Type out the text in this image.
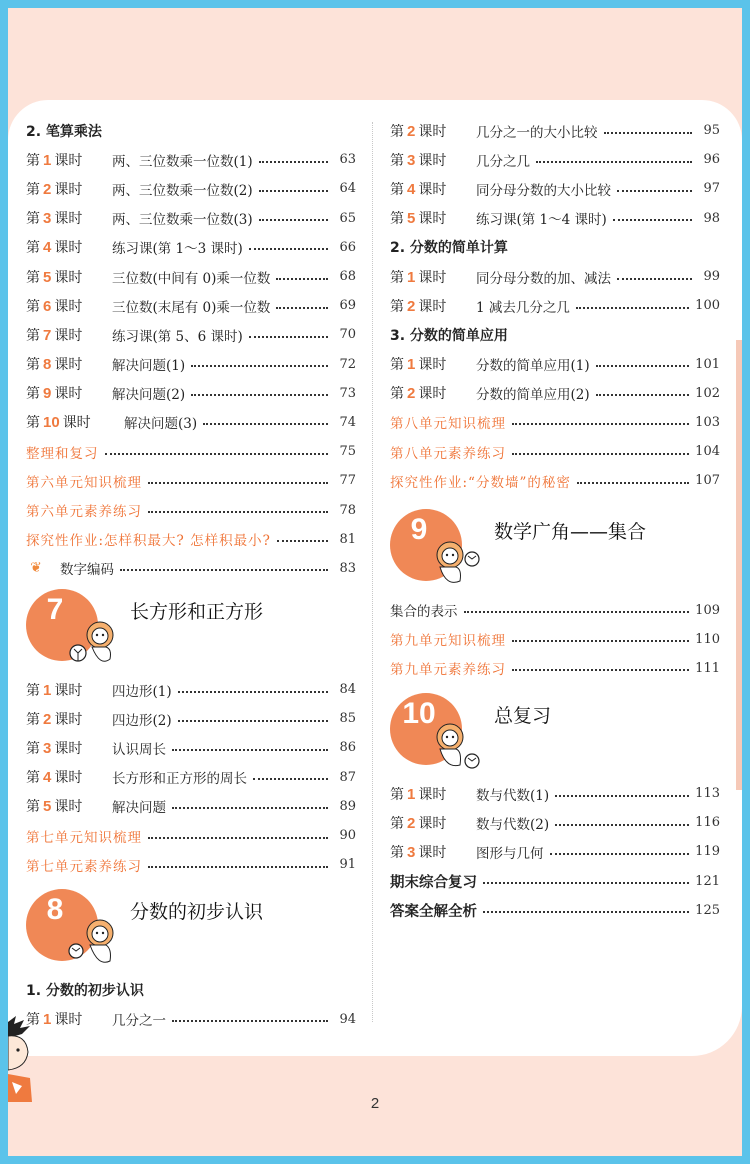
2. 笔算乘法
第 1 课时	两、三位数乘一位数(1)	63
第 2 课时	两、三位数乘一位数(2)	64
第 3 课时	两、三位数乘一位数(3)	65
第 4 课时	练习课(第 1～3 课时)	66
第 5 课时	三位数(中间有 0)乘一位数	68
第 6 课时	三位数(末尾有 0)乘一位数	69
第 7 课时	练习课(第 5、6 课时)	70
第 8 课时	解决问题(1)	72
第 9 课时	解决问题(2)	73
第 10 课时	解决问题(3)	74
整理和复习	75
第六单元知识梳理	77
第六单元素养练习	78
探究性作业:怎样积最大? 怎样积最小?	81
❦	数字编码	83
7	长方形和正方形
第 1 课时	四边形(1)	84
第 2 课时	四边形(2)	85
第 3 课时	认识周长	86
第 4 课时	长方形和正方形的周长	87
第 5 课时	解决问题	89
第七单元知识梳理	90
第七单元素养练习	91
8	分数的初步认识
1. 分数的初步认识
第 1 课时	几分之一	94
第 2 课时	几分之一的大小比较	95
第 3 课时	几分之几	96
第 4 课时	同分母分数的大小比较	97
第 5 课时	练习课(第 1～4 课时)	98
2. 分数的简单计算
第 1 课时	同分母分数的加、减法	99
第 2 课时	1 减去几分之几	100
3. 分数的简单应用
第 1 课时	分数的简单应用(1)	101
第 2 课时	分数的简单应用(2)	102
第八单元知识梳理	103
第八单元素养练习	104
探究性作业:“分数墙”的秘密	107
9	数学广角——集合
集合的表示	109
第九单元知识梳理	110
第九单元素养练习	111
10	总复习
第 1 课时	数与代数(1)	113
第 2 课时	数与代数(2)	116
第 3 课时	图形与几何	119
期末综合复习	121
答案全解全析	125
2
